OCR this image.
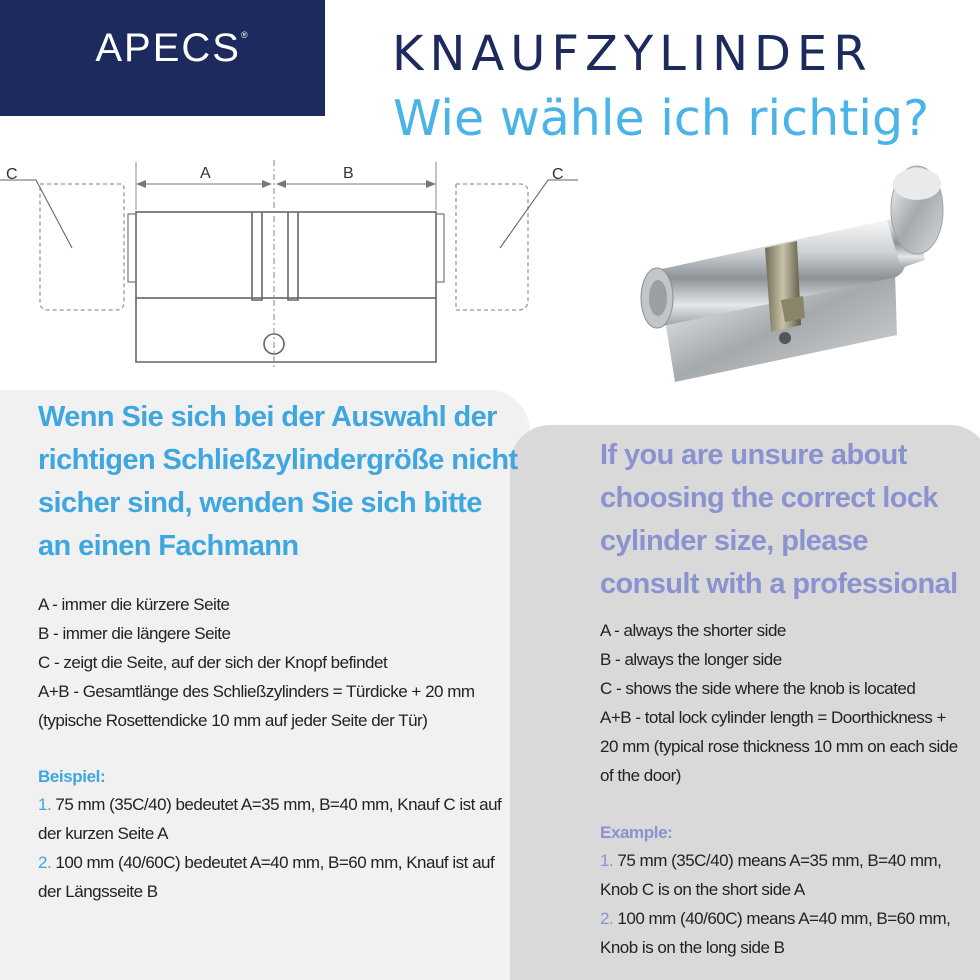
APECS®	KNAUFZYLINDER
Wie wähle ich richtig?
A	B
C	C
Wenn Sie sich bei der Auswahl der richtigen Schließzylindergröße nicht sicher sind, wenden Sie sich bitte an einen Fachmann
A - immer die kürzere Seite
B - immer die längere Seite
C - zeigt die Seite, auf der sich der Knopf befindet
A+B - Gesamtlänge des Schließzylinders = Türdicke + 20 mm (typische Rosettendicke 10 mm auf jeder Seite der Tür)
Beispiel:
1. 75 mm (35C/40) bedeutet A=35 mm, B=40 mm, Knauf C ist auf der kurzen Seite A
2. 100 mm (40/60C) bedeutet A=40 mm, B=60 mm, Knauf ist auf der Längsseite B
If you are unsure about choosing the correct lock cylinder size, please consult with a professional
A - always the shorter side
B - always the longer side
C - shows the side where the knob is located
A+B - total lock cylinder length = Doorthickness + 20 mm (typical rose thickness 10 mm on each side of the door)
Example:
1. 75 mm (35C/40) means A=35 mm, B=40 mm, Knob C is on the short side A
2. 100 mm (40/60C) means A=40 mm, B=60 mm, Knob is on the long side B
